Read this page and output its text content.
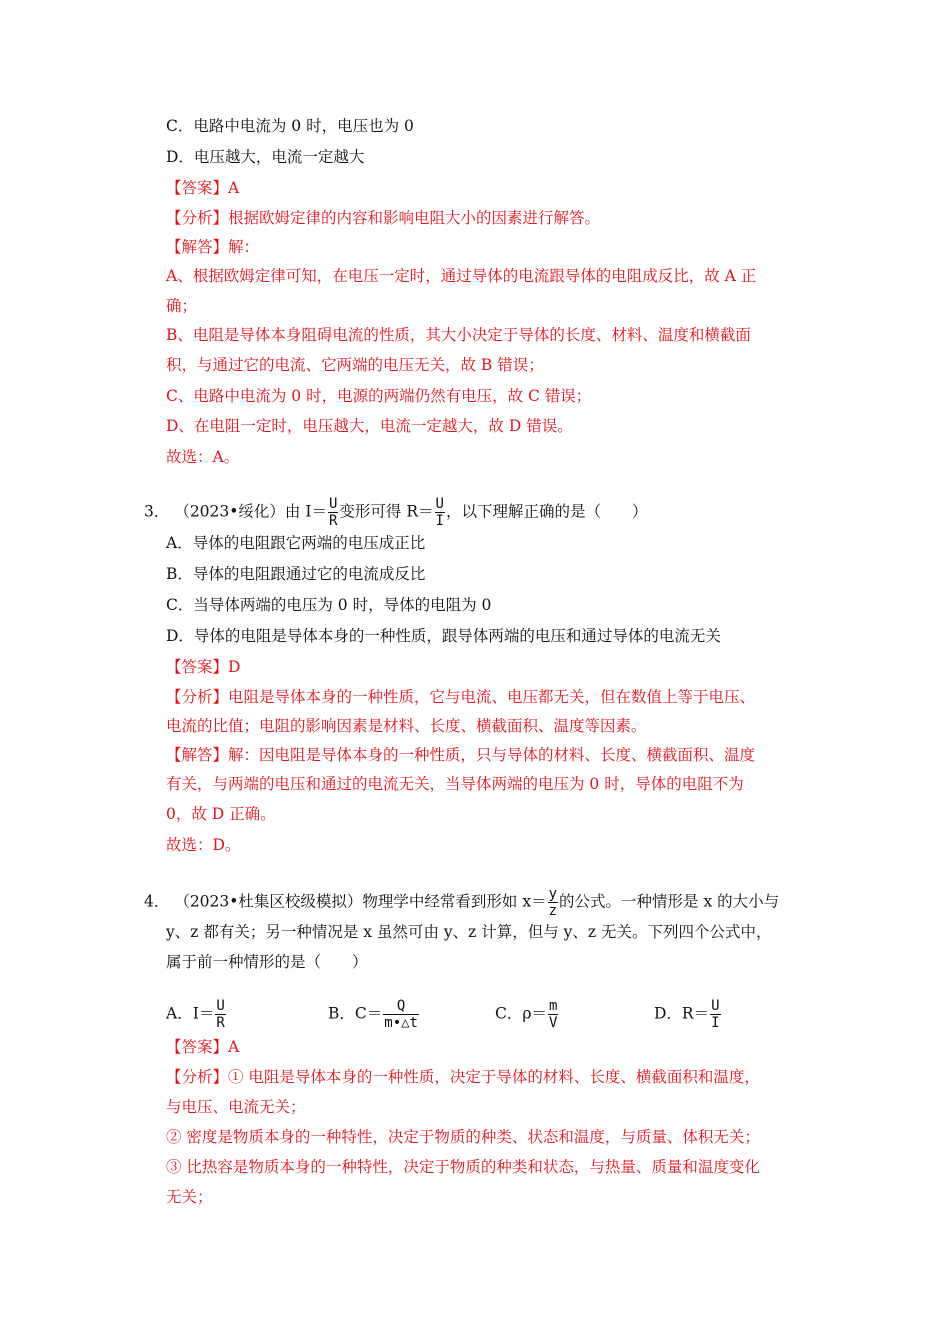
C．电路中电流为 0 时，电压也为 0
D．电压越大，电流一定越大
【答案】A
【分析】根据欧姆定律的内容和影响电阻大小的因素进行解答。
【解答】解：
A、根据欧姆定律可知，在电压一定时，通过导体的电流跟导体的电阻成反比，故 A 正
确；
B、电阻是导体本身阻碍电流的性质，其大小决定于导体的长度、材料、温度和横截面
积，与通过它的电流、它两端的电压无关，故 B 错误；
C、电路中电流为 0 时，电源的两端仍然有电压，故 C 错误；
D、在电阻一定时，电压越大，电流一定越大，故 D 错误。
故选：A。
3． （2023•绥化）由 $I= \frac{U}{R}$ 变形可得 $R= \frac{U}{I}$ ，以下理解正确的是（　　）
A．导体的电阻跟它两端的电压成正比
B．导体的电阻跟通过它的电流成反比
C．当导体两端的电压为 0 时，导体的电阻为 0
D．导体的电阻是导体本身的一种性质，跟导体两端的电压和通过导体的电流无关
【答案】D
【分析】电阻是导体本身的一种性质，它与电流、电压都无关，但在数值上等于电压、
电流的比值；电阻的影响因素是材料、长度、横截面积、温度等因素。
【解答】解：因电阻是导体本身的一种性质，只与导体的材料、长度、横截面积、温度
有关，与两端的电压和通过的电流无关，当导体两端的电压为 0 时，导体的电阻不为
0，故 D 正确。
故选：D。
4． （2023•杜集区校级模拟）物理学中经常看到形如 $x= \frac{y}{z}$ 的公式。一种情形是 x 的大小与
y、z 都有关；另一种情况是 x 虽然可由 y、z 计算，但与 y、z 无关。下列四个公式中，
属于前一种情形的是（　　）
A．$I= \frac{U}{R}$	B．$C= \frac{Q}{m•\triangle t}$	C．$\rho= \frac{m}{V}$	D．$R= \frac{U}{I}$
【答案】A
【分析】① 电阻是导体本身的一种性质，决定于导体的材料、长度、横截面积和温度，
与电压、电流无关；
② 密度是物质本身的一种特性，决定于物质的种类、状态和温度，与质量、体积无关；
③ 比热容是物质本身的一种特性，决定于物质的种类和状态，与热量、质量和温度变化
无关；
